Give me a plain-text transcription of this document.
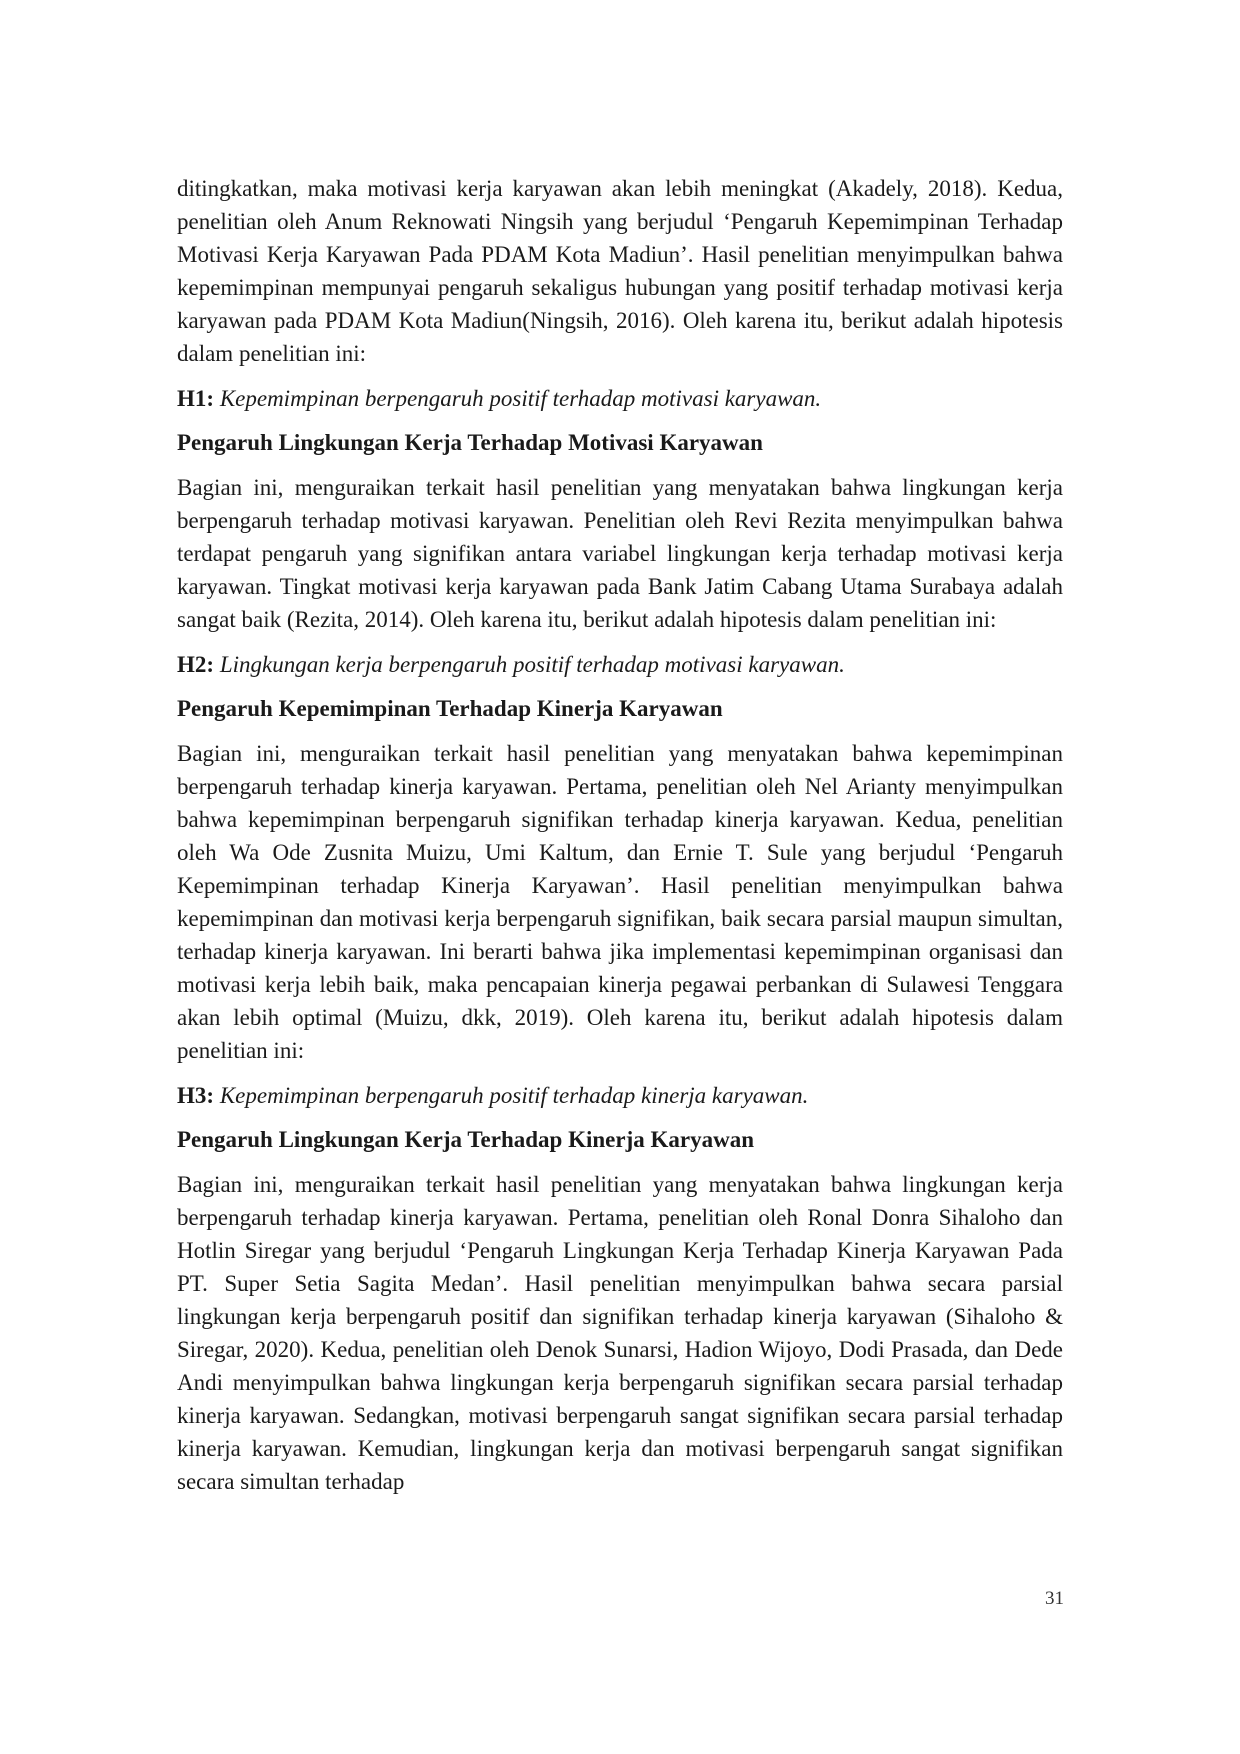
ditingkatkan, maka motivasi kerja karyawan akan lebih meningkat (Akadely, 2018). Kedua, penelitian oleh Anum Reknowati Ningsih yang berjudul ‘Pengaruh Kepemimpinan Terhadap Motivasi Kerja Karyawan Pada PDAM Kota Madiun’. Hasil penelitian menyimpulkan bahwa kepemimpinan mempunyai pengaruh sekaligus hubungan yang positif terhadap motivasi kerja karyawan pada PDAM Kota Madiun(Ningsih, 2016). Oleh karena itu, berikut adalah hipotesis dalam penelitian ini:

H1: Kepemimpinan berpengaruh positif terhadap motivasi karyawan.

Pengaruh Lingkungan Kerja Terhadap Motivasi Karyawan

Bagian ini, menguraikan terkait hasil penelitian yang menyatakan bahwa lingkungan kerja berpengaruh terhadap motivasi karyawan. Penelitian oleh Revi Rezita menyimpulkan bahwa terdapat pengaruh yang signifikan antara variabel lingkungan kerja terhadap motivasi kerja karyawan. Tingkat motivasi kerja karyawan pada Bank Jatim Cabang Utama Surabaya adalah sangat baik (Rezita, 2014). Oleh karena itu, berikut adalah hipotesis dalam penelitian ini:

H2: Lingkungan kerja berpengaruh positif terhadap motivasi karyawan.

Pengaruh Kepemimpinan Terhadap Kinerja Karyawan

Bagian ini, menguraikan terkait hasil penelitian yang menyatakan bahwa kepemimpinan berpengaruh terhadap kinerja karyawan. Pertama, penelitian oleh Nel Arianty menyimpulkan bahwa kepemimpinan berpengaruh signifikan terhadap kinerja karyawan. Kedua, penelitian oleh Wa Ode Zusnita Muizu, Umi Kaltum, dan Ernie T. Sule yang berjudul ‘Pengaruh Kepemimpinan terhadap Kinerja Karyawan’. Hasil penelitian menyimpulkan bahwa kepemimpinan dan motivasi kerja berpengaruh signifikan, baik secara parsial maupun simultan, terhadap kinerja karyawan. Ini berarti bahwa jika implementasi kepemimpinan organisasi dan motivasi kerja lebih baik, maka pencapaian kinerja pegawai perbankan di Sulawesi Tenggara akan lebih optimal (Muizu, dkk, 2019). Oleh karena itu, berikut adalah hipotesis dalam penelitian ini:

H3: Kepemimpinan berpengaruh positif terhadap kinerja karyawan.

Pengaruh Lingkungan Kerja Terhadap Kinerja Karyawan

Bagian ini, menguraikan terkait hasil penelitian yang menyatakan bahwa lingkungan kerja berpengaruh terhadap kinerja karyawan. Pertama, penelitian oleh Ronal Donra Sihaloho dan Hotlin Siregar yang berjudul ‘Pengaruh Lingkungan Kerja Terhadap Kinerja Karyawan Pada PT. Super Setia Sagita Medan’. Hasil penelitian menyimpulkan bahwa secara parsial lingkungan kerja berpengaruh positif dan signifikan terhadap kinerja karyawan (Sihaloho & Siregar, 2020). Kedua, penelitian oleh Denok Sunarsi, Hadion Wijoyo, Dodi Prasada, dan Dede Andi menyimpulkan bahwa lingkungan kerja berpengaruh signifikan secara parsial terhadap kinerja karyawan. Sedangkan, motivasi berpengaruh sangat signifikan secara parsial terhadap kinerja karyawan. Kemudian, lingkungan kerja dan motivasi berpengaruh sangat signifikan secara simultan terhadap

31
